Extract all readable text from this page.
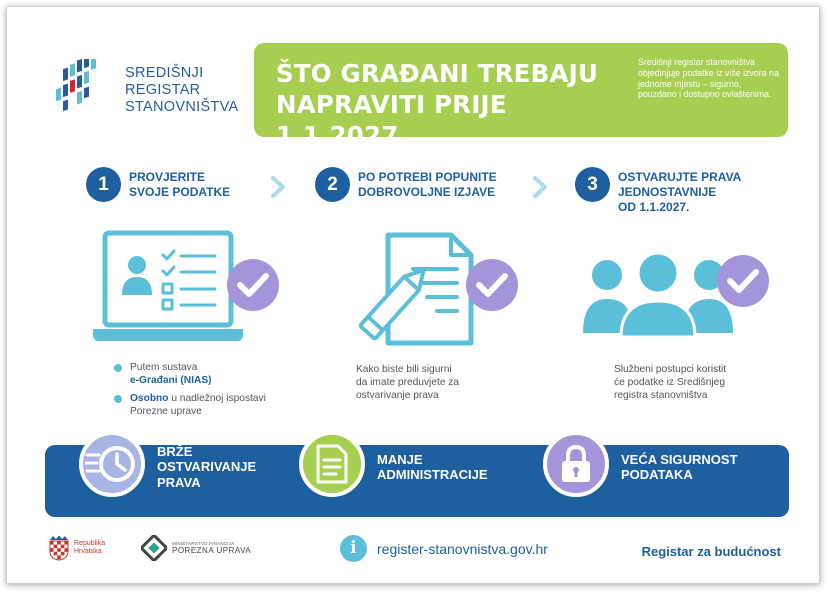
SREDIŠNJI
REGISTAR
STANOVNIŠTVA
ŠTO GRAĐANI TREBAJU
NAPRAVITI PRIJE 1.1.2027.
Središnji registar stanovništva objedinjuje podatke iz više izvora na jednome mjestu – sigurno, pouzdano i dostupno ovlaštenima.
1	PROVJERITE
SVOJE PODATKE	2	PO POTREBI POPUNITE
DOBROVOLJNE IZJAVE	3	OSTVARUJTE PRAVA
JEDNOSTAVNIJE
OD 1.1.2027.
Putem sustava
e-Građani (NIAS)
Osobno u nadležnoj ispostavi Porezne uprave
Kako biste bili sigurni
da imate preduvjete za
ostvarivanje prava
Službeni postupci koristit
će podatke iz Središnjeg
registra stanovništva
BRŽE
OSTVARIVANJE
PRAVA
MANJE
ADMINISTRACIJE
VEĆA SIGURNOST
PODATAKA
Republika
Hrvatska
MINISTARSTVO FINANCIJA
POREZNA UPRAVA	i	register-stanovnistva.gov.hr	Registar za budućnost
